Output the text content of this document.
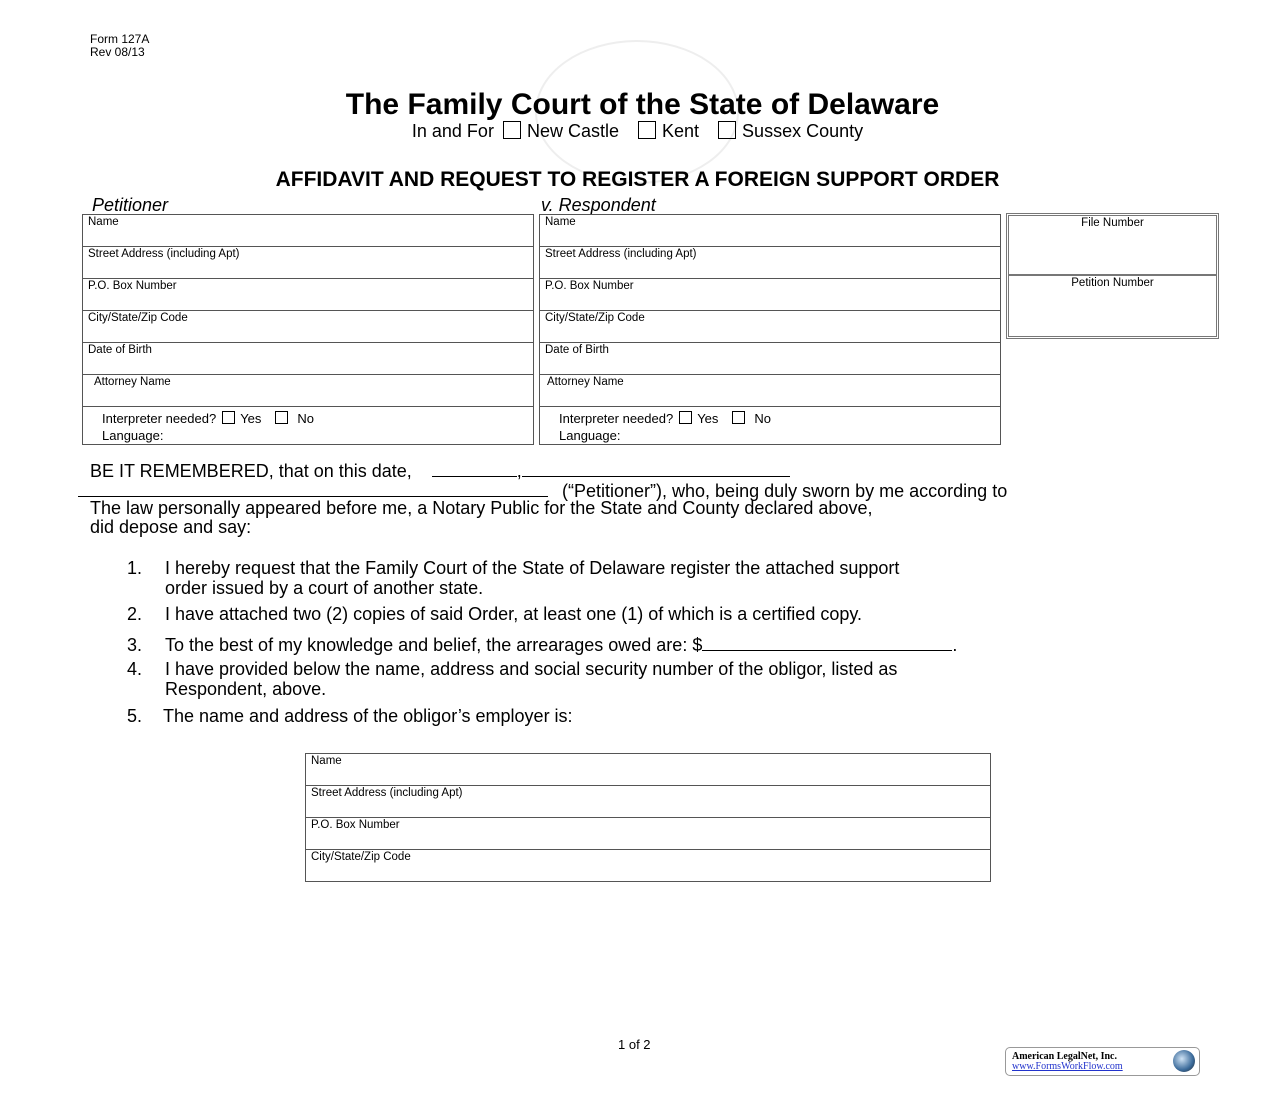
Form 127A
Rev 08/13
The Family Court of the State of Delaware
In and For New Castle Kent Sussex County
AFFIDAVIT AND REQUEST TO REGISTER A FOREIGN SUPPORT ORDER
Petitioner	v. Respondent
Name
Street Address (including Apt)
P.O. Box Number
City/State/Zip Code
Date of Birth
Attorney Name
Interpreter needed? Yes	No
Language:
Name
Street Address (including Apt)
P.O. Box Number
City/State/Zip Code
Date of Birth
Attorney Name
Interpreter needed? Yes	No
Language:
File Number
Petition Number
BE IT REMEMBERED, that on this date,	,
(“Petitioner”), who, being duly sworn by me according to
The law personally appeared before me, a Notary Public for the State and County declared above,
did depose and say:
1. I hereby request that the Family Court of the State of Delaware register the attached support
order issued by a court of another state.
2. I have attached two (2) copies of said Order, at least one (1) of which is a certified copy.
3. To the best of my knowledge and belief, the arrearages owed are: $	.
4. I have provided below the name, address and social security number of the obligor, listed as
Respondent, above.
5. The name and address of the obligor’s employer is:
Name
Street Address (including Apt)
P.O. Box Number
City/State/Zip Code
1 of 2
American LegalNet, Inc.
www.FormsWorkFlow.com
